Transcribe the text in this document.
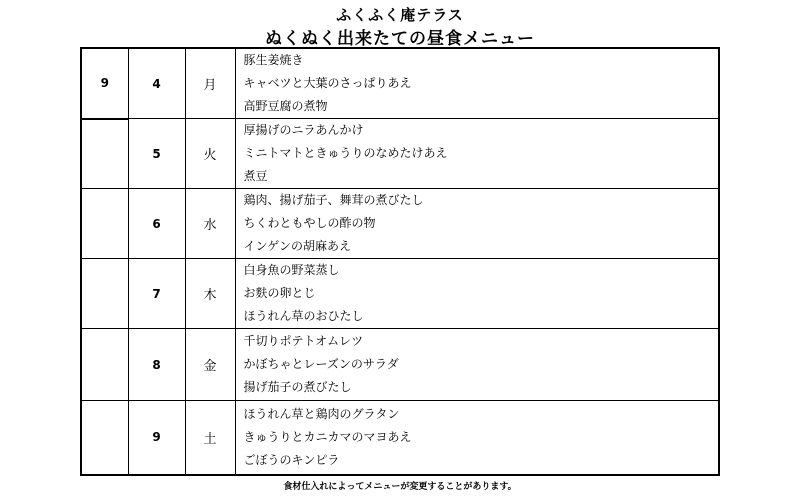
ふくふく庵テラス
ぬくぬく出来たての昼食メニュー
9	4	月	豚生姜焼き
キャベツと大葉のさっぱりあえ
高野豆腐の煮物

	5	火	厚揚げのニラあんかけ
ミニトマトときゅうりのなめたけあえ
煮豆

	6	水	鶏肉、揚げ茄子、舞茸の煮びたし
ちくわともやしの酢の物
インゲンの胡麻あえ

	7	木	白身魚の野菜蒸し
お麩の卵とじ
ほうれん草のおひたし

	8	金	千切りポテトオムレツ
かぼちゃとレーズンのサラダ
揚げ茄子の煮びたし

	9	土	ほうれん草と鶏肉のグラタン
きゅうりとカニカマのマヨあえ
ごぼうのキンピラ
食材仕入れによってメニューが変更することがあります。
